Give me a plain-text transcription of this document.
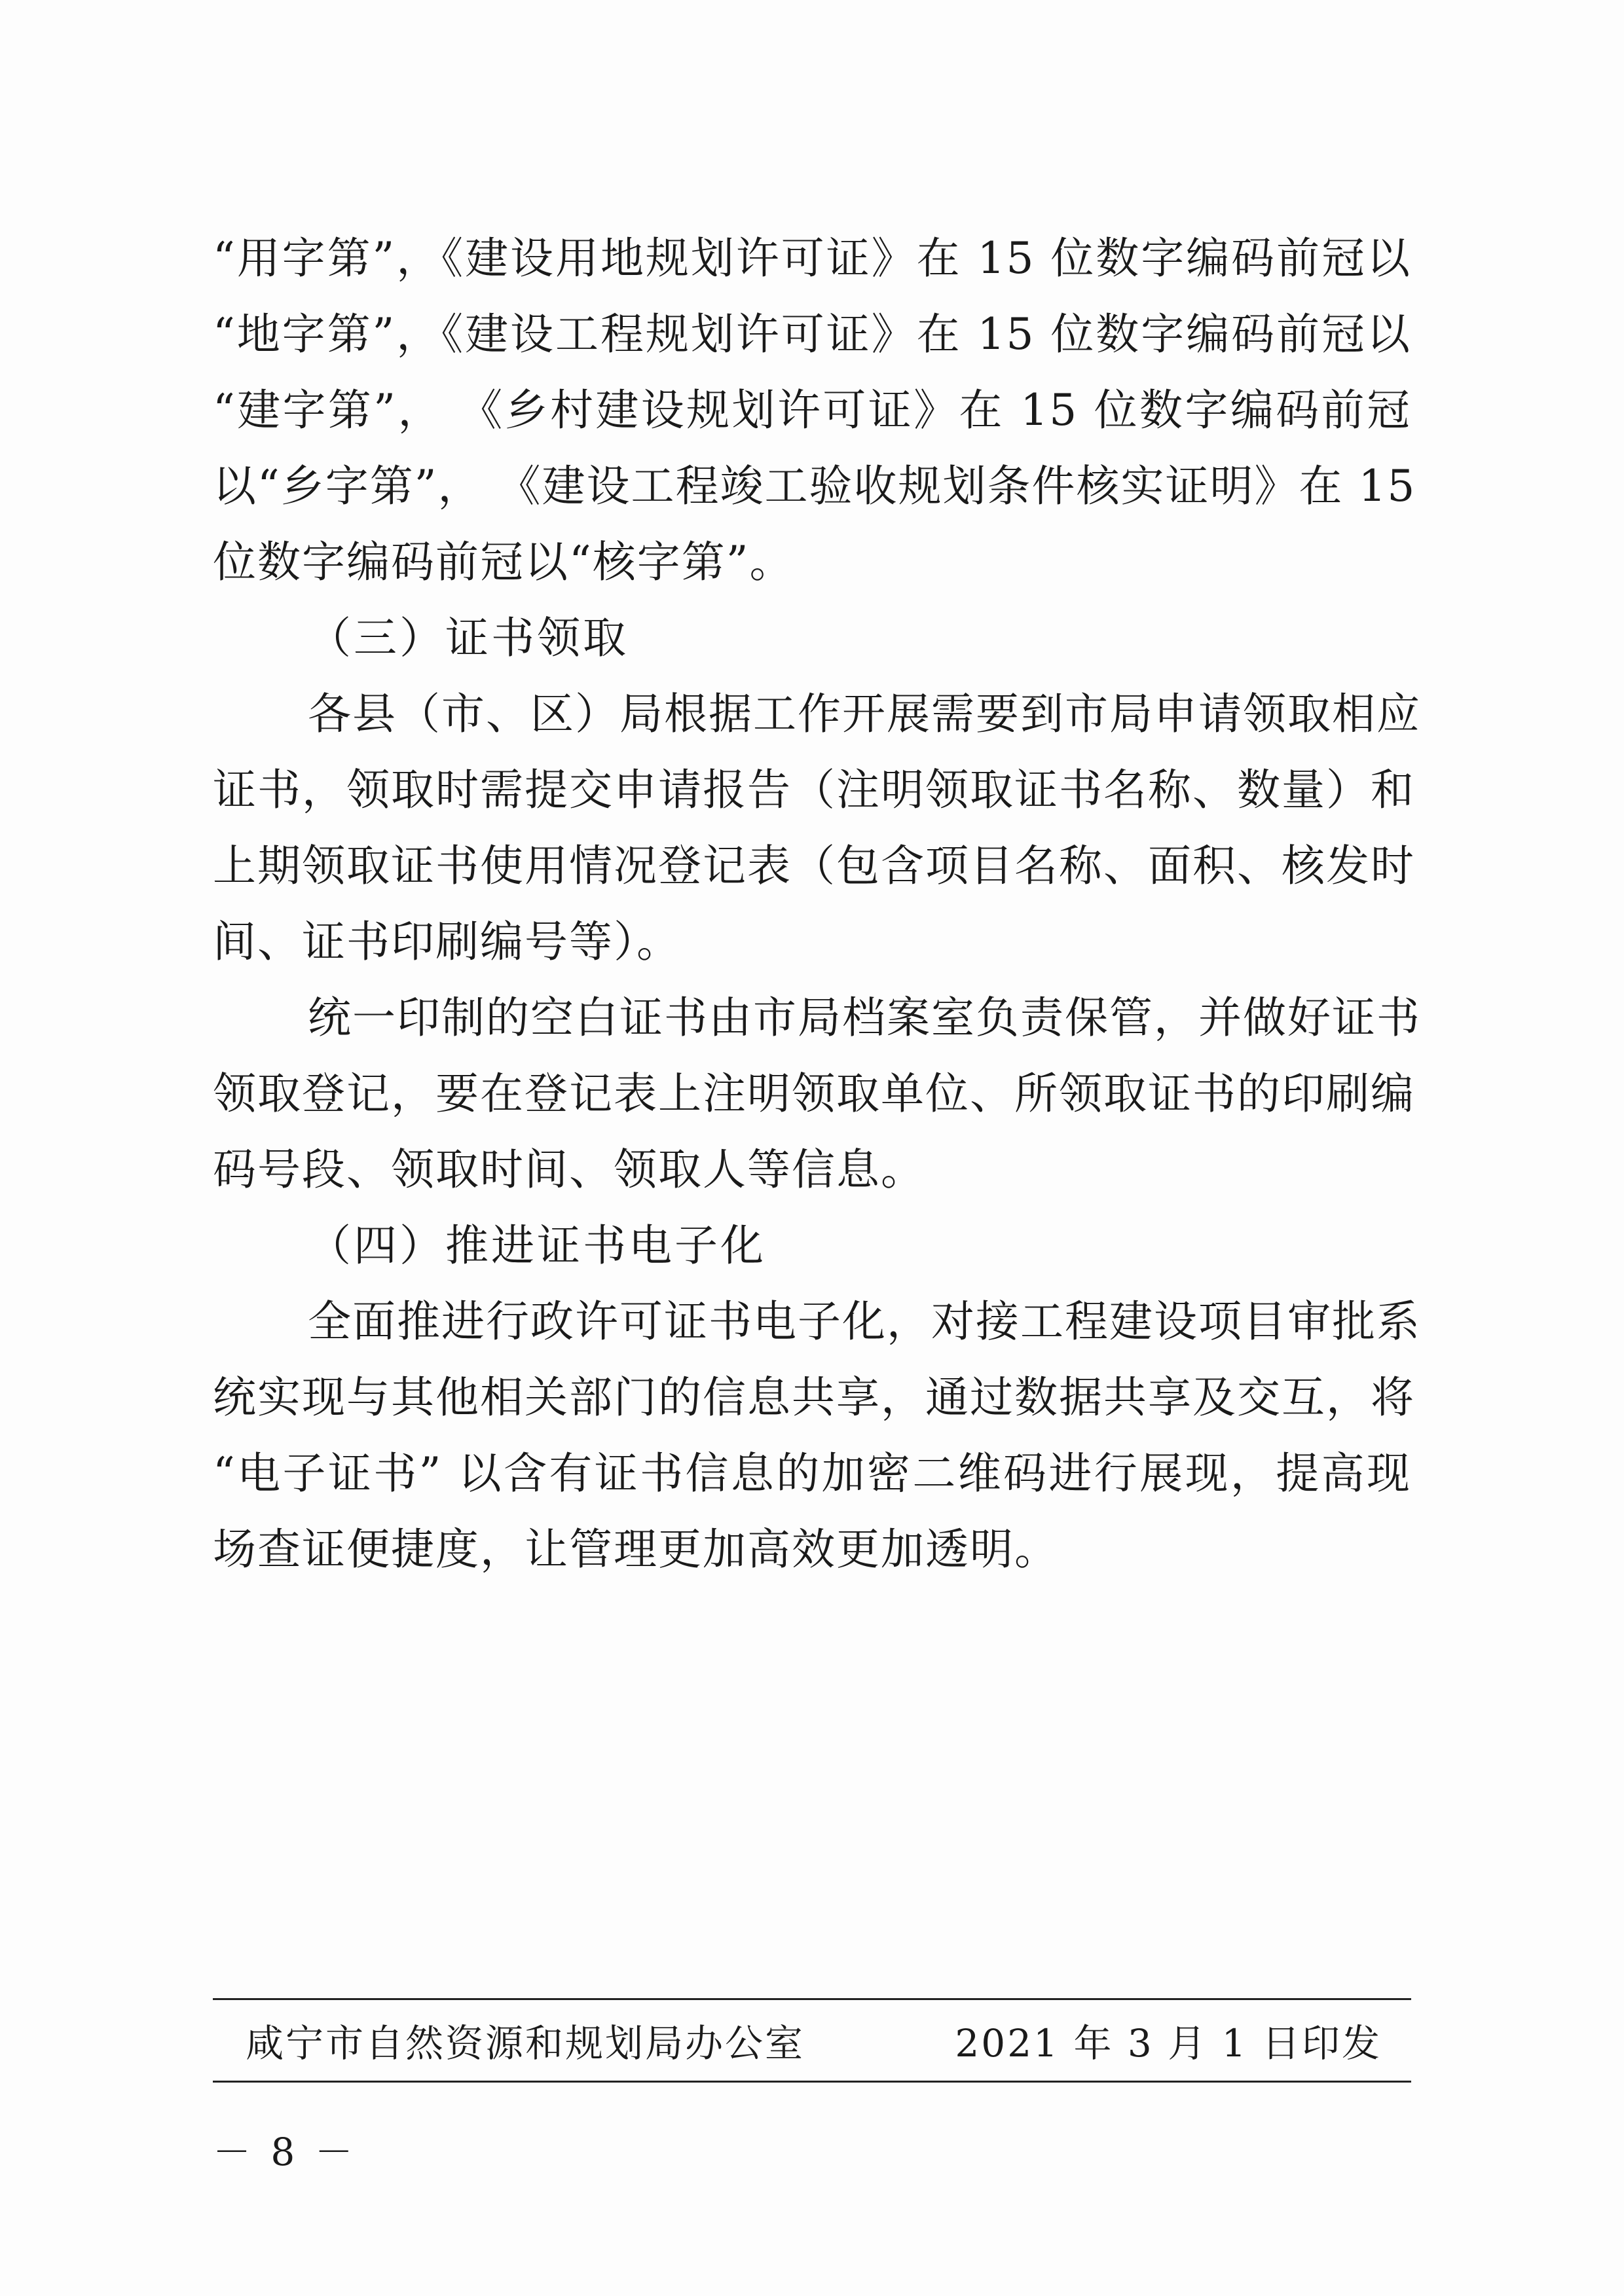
“用字第”，《建设用地规划许可证》在 15 位数字编码前冠以
“地字第”，《建设工程规划许可证》在 15 位数字编码前冠以
“建字第”， 《乡村建设规划许可证》在 15 位数字编码前冠
以“乡字第”， 《建设工程竣工验收规划条件核实证明》在 15
位数字编码前冠以“核字第”。
（三）证书领取
各县（市、区）局根据工作开展需要到市局申请领取相应
证书，领取时需提交申请报告（注明领取证书名称、数量）和
上期领取证书使用情况登记表（包含项目名称、面积、核发时
间、证书印刷编号等）。
统一印制的空白证书由市局档案室负责保管，并做好证书
领取登记，要在登记表上注明领取单位、所领取证书的印刷编
码号段、领取时间、领取人等信息。
（四）推进证书电子化
全面推进行政许可证书电子化，对接工程建设项目审批系
统实现与其他相关部门的信息共享，通过数据共享及交互，将
“电子证书” 以含有证书信息的加密二维码进行展现，提高现
场查证便捷度，让管理更加高效更加透明。
咸宁市自然资源和规划局办公室	2021 年 3 月 1 日印发
－ 8 －
